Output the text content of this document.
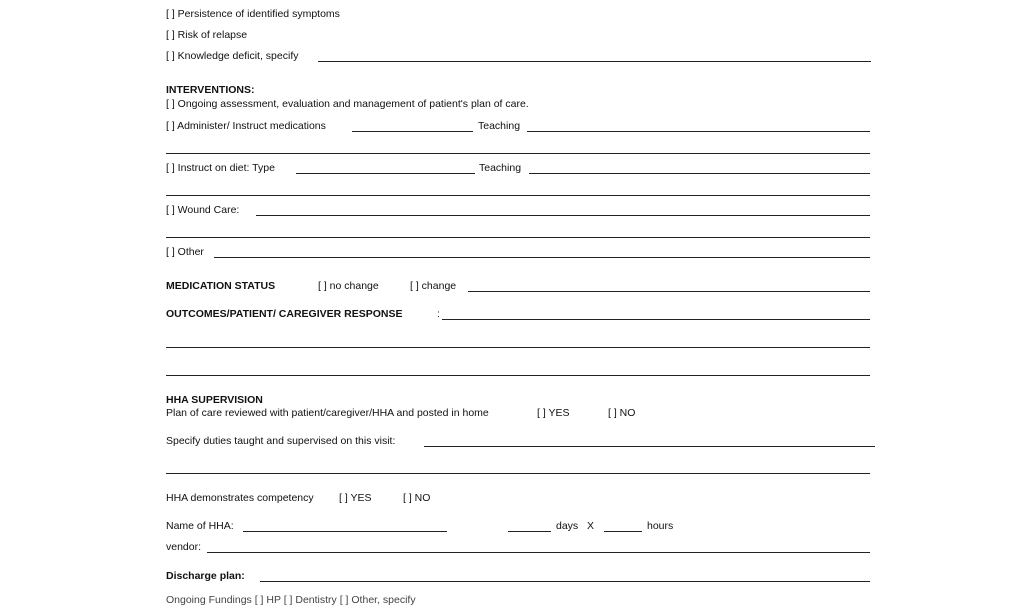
[ ] Persistence of identified symptoms
[ ] Risk of relapse
[ ] Knowledge deficit, specify
INTERVENTIONS:
[ ] Ongoing assessment, evaluation and management of patient's plan of care.
[ ] Administer/ Instruct medications	Teaching
[ ] Instruct on diet: Type	Teaching
[ ] Wound Care:
[ ] Other
MEDICATION STATUS	[ ] no change	[ ] change
OUTCOMES/PATIENT/ CAREGIVER RESPONSE	:
HHA SUPERVISION
Plan of care reviewed with patient/caregiver/HHA and posted in home	[ ] YES	[ ] NO
Specify duties taught and supervised on this visit:
HHA demonstrates competency [ ] YES	[ ] NO
Name of HHA:	days X	hours
vendor:
Discharge plan:
Ongoing Fundings [ ] HP [ ] Dentistry [ ] Other, specify
